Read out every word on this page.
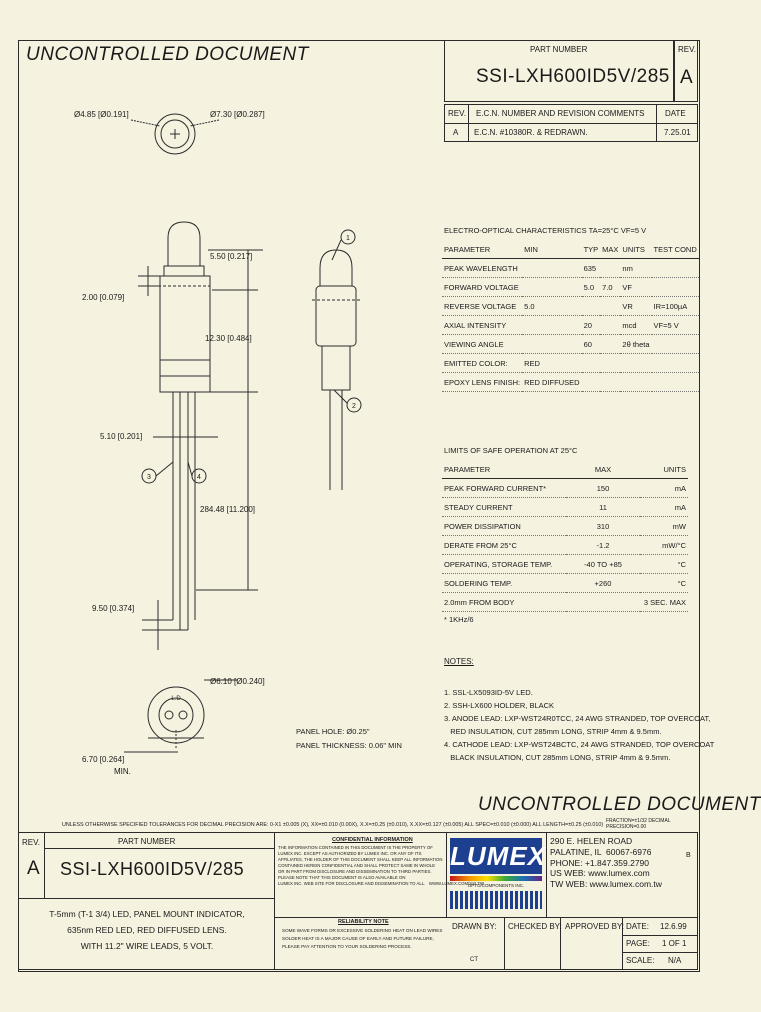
UNCONTROLLED DOCUMENT	PART NUMBER
SSI-LXH600ID5V/285
REV.
A
REV. E.C.N. NUMBER AND REVISION COMMENTS	DATE
A E.C.N. #10380R. & REDRAWN.	7.25.01
1
2
3	4
L.D
Ø4.85 [Ø0.191]	Ø7.30 [Ø0.287]
5.50 [0.217]
2.00 [0.079]
12.30 [0.484]
5.10 [0.201]
284.48 [11.200]
9.50 [0.374]
Ø6.10 [Ø0.240]
6.70 [0.264]
MIN.
PANEL HOLE: Ø0.25"
PANEL THICKNESS: 0.06" MIN
ELECTRO-OPTICAL CHARACTERISTICS TA=25°C VF=5 V
PARAMETER	MIN	TYP	MAX	UNITS	TEST COND
PEAK WAVELENGTH		635		nm	
FORWARD VOLTAGE		5.0	7.0	VF	
REVERSE VOLTAGE	5.0			VR	IR=100µA
AXIAL INTENSITY		20		mcd	VF=5 V
VIEWING ANGLE		60		2θ theta	
EMITTED COLOR:	RED				
EPOXY LENS FINISH:	RED DIFFUSED				
LIMITS OF SAFE OPERATION AT 25°C
PARAMETER	MAX	UNITS
PEAK FORWARD CURRENT*	150	mA
STEADY CURRENT	11	mA
POWER DISSIPATION	310	mW
DERATE FROM 25°C	-1.2	mW/°C
OPERATING, STORAGE TEMP.	-40 TO +85	°C
SOLDERING TEMP.	+260	°C
2.0mm FROM BODY		3 SEC. MAX
* 1KHz/6
NOTES:
1. SSL-LX5093ID-5V LED.
2. SSH-LX600 HOLDER, BLACK
3. ANODE LEAD: LXP-WST24R0TCC, 24 AWG STRANDED, TOP OVERCOAT,
RED INSULATION, CUT 285mm LONG, STRIP 4mm & 9.5mm.
4. CATHODE LEAD: LXP-WST24BCTC, 24 AWG STRANDED, TOP OVERCOAT
BLACK INSULATION, CUT 285mm LONG, STRIP 4mm & 9.5mm.
UNCONTROLLED DOCUMENT
UNLESS OTHERWISE SPECIFIED TOLERANCES FOR DECIMAL PRECISION ARE: 0-X1 ±0.005 (X), XX=±0.010 (0.00X), X.X=±0.25 (±0.010), X.XX=±0.127 (±0.005) ALL SPEC=±0.010 (±0.000) ALL LENGTH=±0.25 (±0.010)
FRACTION=±1/32 DECIMAL PRECISION=0.00
REV.
A
PART NUMBER
SSI-LXH600ID5V/285
T-5mm (T-1 3/4) LED, PANEL MOUNT INDICATOR,
635nm RED LED, RED DIFFUSED LENS.
WITH 11.2" WIRE LEADS, 5 VOLT.
CONFIDENTIAL INFORMATION
THE INFORMATION CONTAINED IN THIS DOCUMENT IS THE PROPERTY OF
LUMEX INC. EXCEPT AS AUTHORIZED BY LUMEX INC. OR ANY OF ITS
AFFILIATES, THE HOLDER OF THIS DOCUMENT SHALL KEEP ALL INFORMATION
CONTAINED HEREIN CONFIDENTIAL AND SHALL PROTECT SAME IN WHOLE
OR IN PART FROM DISCLOSURE AND DISSEMINATION TO THIRD PARTIES.
PLEASE NOTE THAT THIS DOCUMENT IS ALSO AVAILABLE ON
LUMEX INC. WEB SITE FOR DISCLOSURE AND DISSEMINATION TO ALL.   WWW.LUMEX.COM/SSI.TW
RELIABILITY NOTE
SOME WAVE FORMS OR EXCESSIVE SOLDERING HEAT ON LEAD WIRES
SOLDER HEAT IS A MAJOR CAUSE OF EARLY AND FUTURE FAILURE,
PLEASE PAY ATTENTION TO YOUR SOLDERING PROCESS.
LUMEX
OPTO/COMPONENTS INC.
290 E. HELEN ROAD
PALATINE, IL  60067-6976
PHONE: +1.847.359.2790
US WEB: www.lumex.com
TW WEB: www.lumex.com.tw
B
DRAWN BY:
CT
CHECKED BY: APPROVED BY: DATE: 12.6.99
PAGE: 1 OF 1
SCALE: N/A
